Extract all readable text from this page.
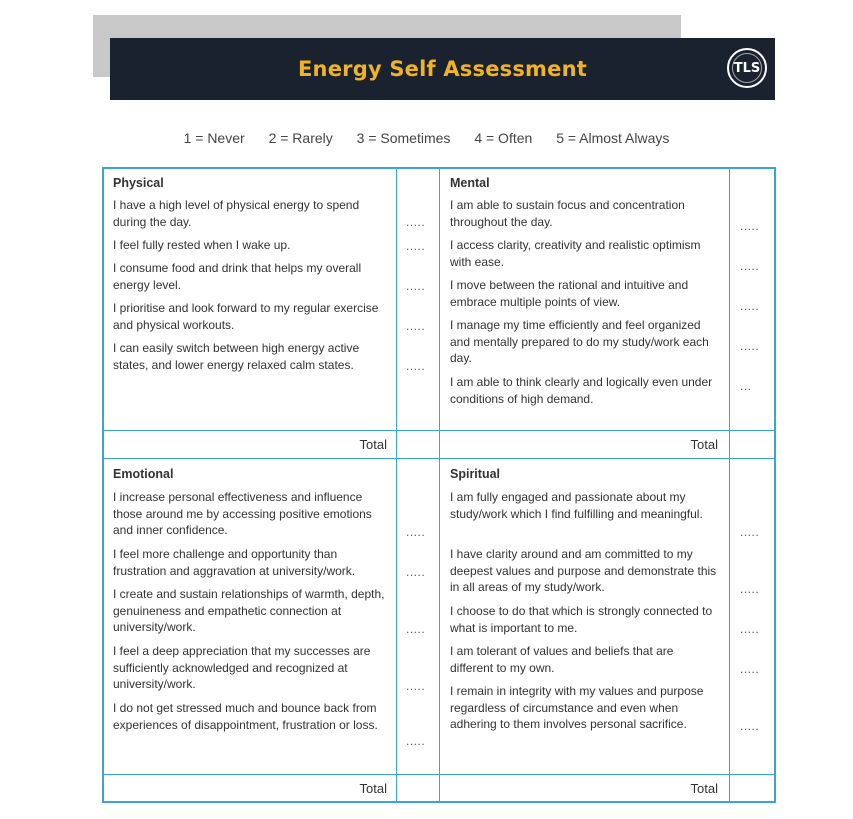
Energy Self Assessment	TLS
1 = Never 2 = Rarely 3 = Sometimes 4 = Often 5 = Almost Always
Physical
I have a high level of physical energy to spend during the day.
I feel fully rested when I wake up.
I consume food and drink that helps my overall energy level.
I prioritise and look forward to my regular exercise and physical workouts.
I can easily switch between high energy active states, and lower energy relaxed calm states.
.....
.....
.....
.....
.....
Total
Mental
I am able to sustain focus and concentration throughout the day.
I access clarity, creativity and realistic optimism with ease.
I move between the rational and intuitive and embrace multiple points of view.
I manage my time efficiently and feel organized and mentally prepared to do my study/work each day.
I am able to think clearly and logically even under conditions of high demand.
.....
.....
.....
.....
...
Total
Emotional
I increase personal effectiveness and influence those around me by accessing positive emotions and inner confidence.
I feel more challenge and opportunity than frustration and aggravation at university/work.
I create and sustain relationships of warmth, depth, genuineness and empathetic connection at university/work.
I feel a deep appreciation that my successes are sufficiently acknowledged and recognized at university/work.
I do not get stressed much and bounce back from experiences of disappointment, frustration or loss.
.....
.....
.....
.....
.....
Total
Spiritual
I am fully engaged and passionate about my study/work which I find fulfilling and meaningful.
I have clarity around and am committed to my deepest values and purpose and demonstrate this in all areas of my study/work.
I choose to do that which is strongly connected to what is important to me.
I am tolerant of values and beliefs that are different to my own.
I remain in integrity with my values and purpose regardless of circumstance and even when adhering to them involves personal sacrifice.
.....
.....
.....
.....
.....
Total
